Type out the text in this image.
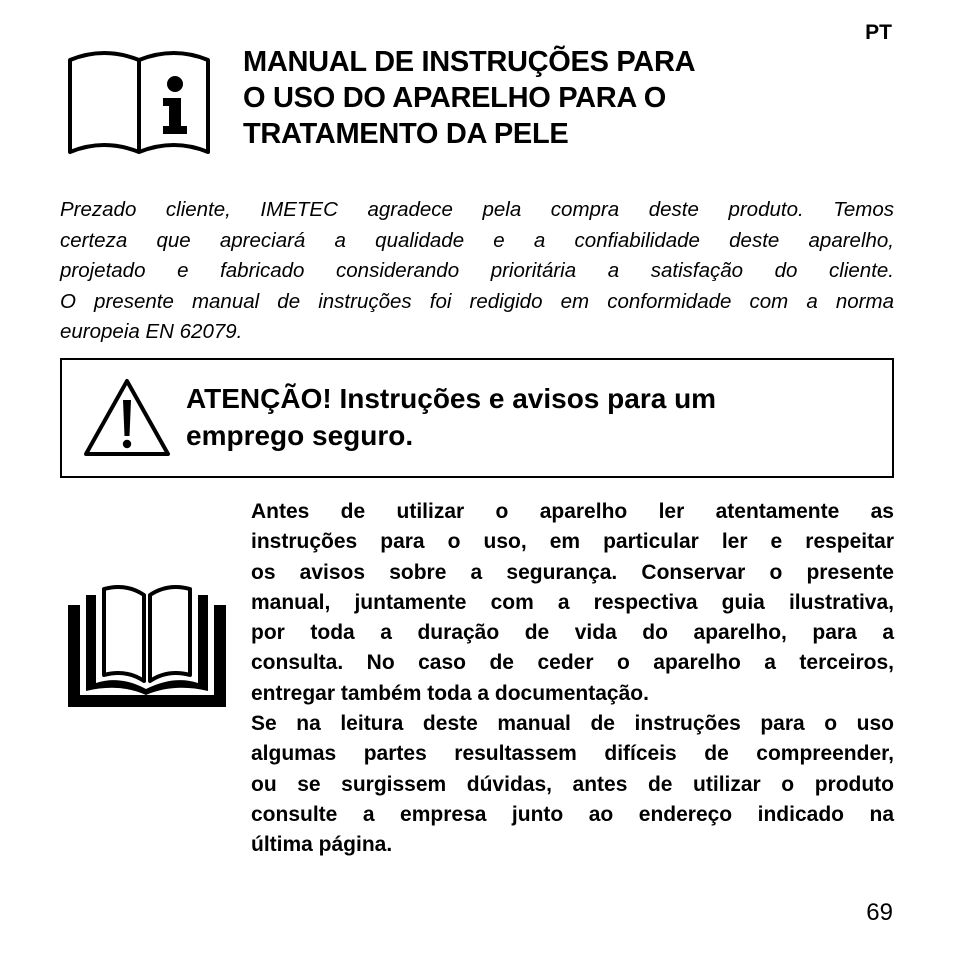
PT
MANUAL DE INSTRUÇÕES PARA
O USO DO APARELHO PARA O
TRATAMENTO DA PELE

Prezado cliente, IMETEC agradece pela compra deste produto. Temos
certeza que apreciará a qualidade e a confiabilidade deste aparelho,
projetado e fabricado considerando prioritária a satisfação do cliente.
O presente manual de instruções foi redigido em conformidade com a norma
europeia EN 62079.

ATENÇÃO! Instruções e avisos para um
emprego seguro.

Antes de utilizar o aparelho ler atentamente as
instruções para o uso, em particular ler e respeitar
os avisos sobre a segurança. Conservar o presente
manual, juntamente com a respectiva guia ilustrativa,
por toda a duração de vida do aparelho, para a
consulta. No caso de ceder o aparelho a terceiros,
entregar também toda a documentação.
Se na leitura deste manual de instruções para o uso
algumas partes resultassem difíceis de compreender,
ou se surgissem dúvidas, antes de utilizar o produto
consulte a empresa junto ao endereço indicado na
última página.

69
